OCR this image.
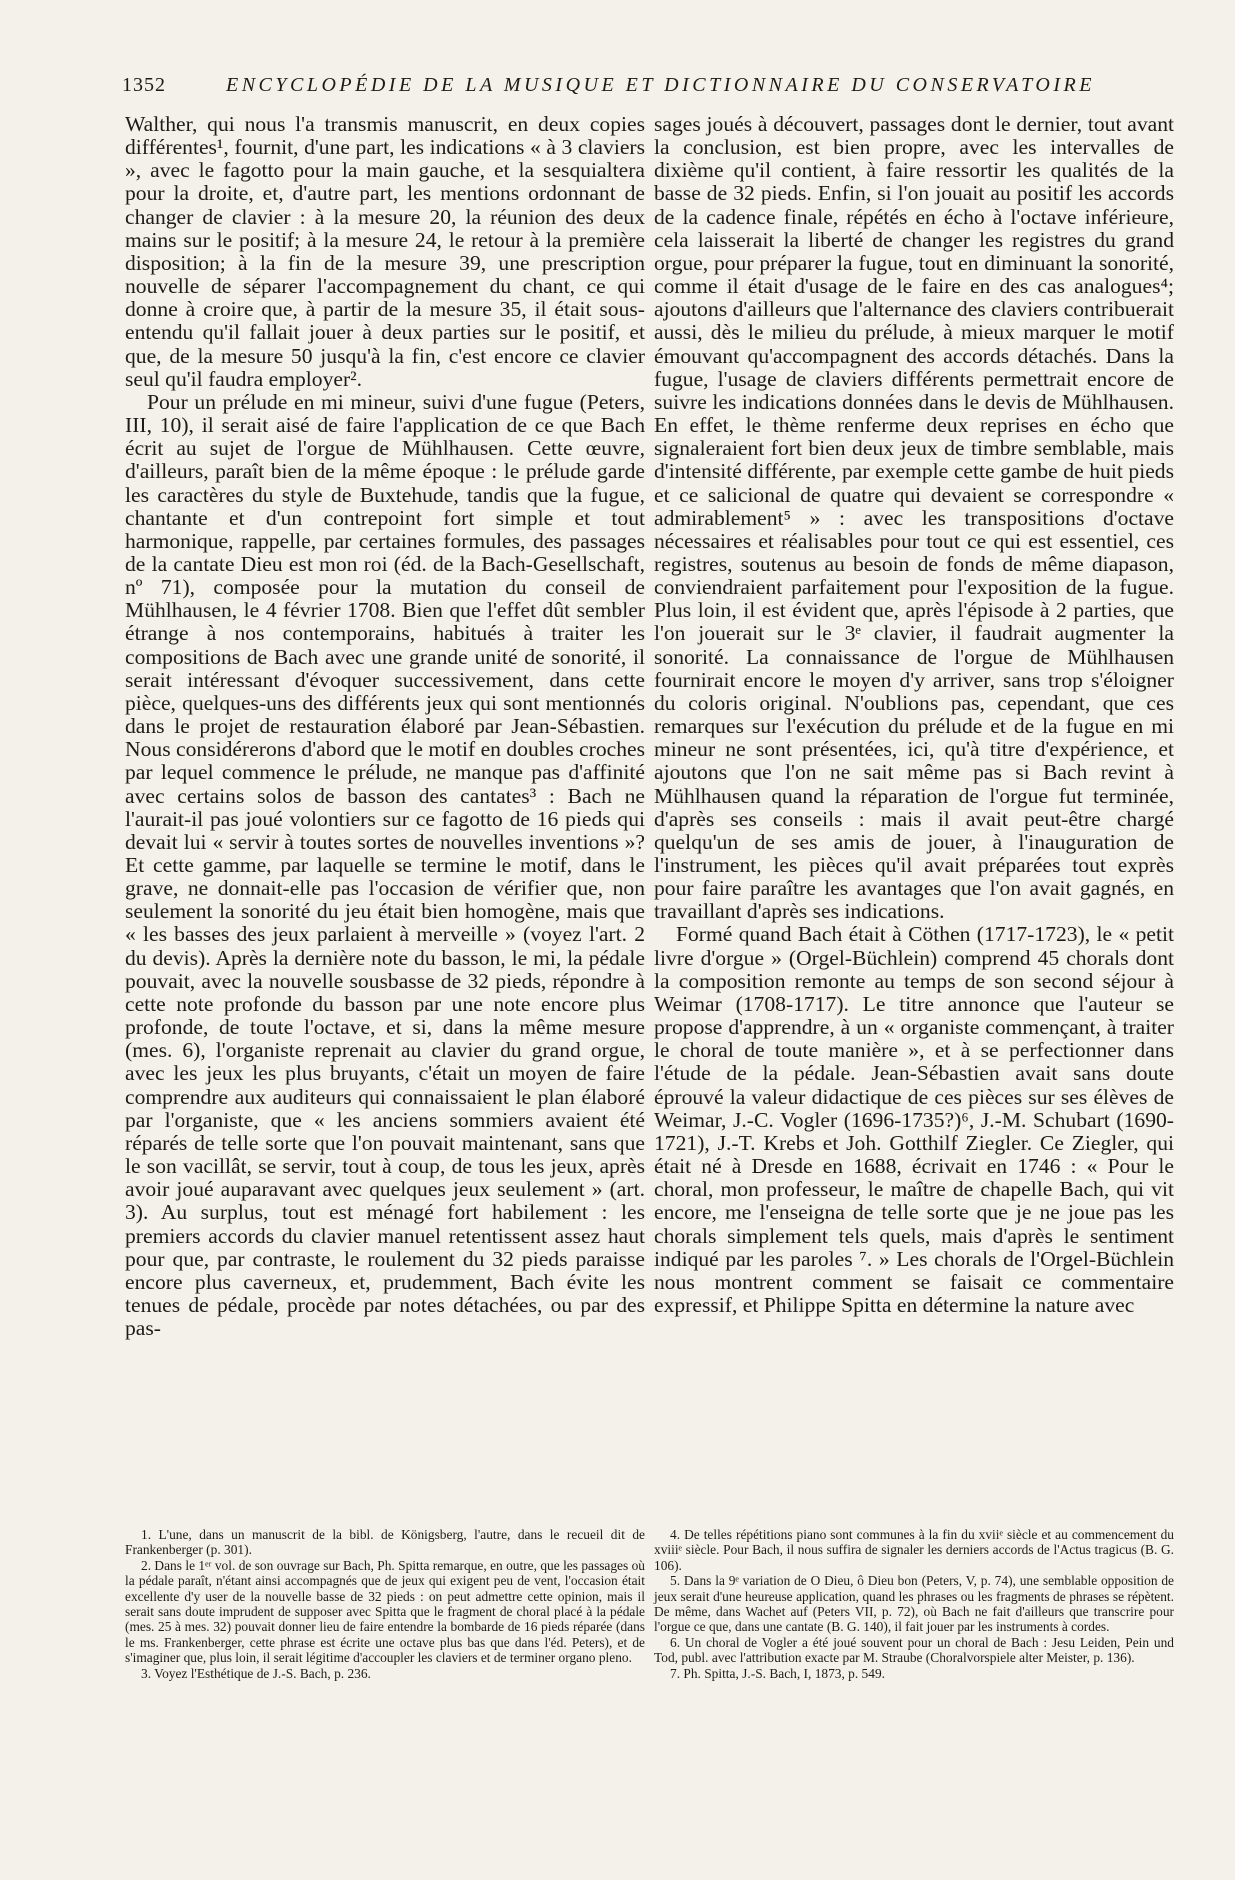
1352	ENCYCLOPÉDIE DE LA MUSIQUE ET DICTIONNAIRE DU CONSERVATOIRE

Walther, qui nous l'a transmis manuscrit, en deux copies différentes¹, fournit, d'une part, les indications « à 3 claviers », avec le fagotto pour la main gauche, et la sesquialtera pour la droite, et, d'autre part, les mentions ordonnant de changer de clavier : à la mesure 20, la réunion des deux mains sur le positif; à la mesure 24, le retour à la première disposition; à la fin de la mesure 39, une prescription nouvelle de séparer l'accompagnement du chant, ce qui donne à croire que, à partir de la mesure 35, il était sous-entendu qu'il fallait jouer à deux parties sur le positif, et que, de la mesure 50 jusqu'à la fin, c'est encore ce clavier seul qu'il faudra employer².

Pour un prélude en mi mineur, suivi d'une fugue (Peters, III, 10), il serait aisé de faire l'application de ce que Bach écrit au sujet de l'orgue de Mühlhausen. Cette œuvre, d'ailleurs, paraît bien de la même époque : le prélude garde les caractères du style de Buxtehude, tandis que la fugue, chantante et d'un contrepoint fort simple et tout harmonique, rappelle, par certaines formules, des passages de la cantate Dieu est mon roi (éd. de la Bach-Gesellschaft, nº 71), composée pour la mutation du conseil de Mühlhausen, le 4 février 1708. Bien que l'effet dût sembler étrange à nos contemporains, habitués à traiter les compositions de Bach avec une grande unité de sonorité, il serait intéressant d'évoquer successivement, dans cette pièce, quelques-uns des différents jeux qui sont mentionnés dans le projet de restauration élaboré par Jean-Sébastien. Nous considérerons d'abord que le motif en doubles croches par lequel commence le prélude, ne manque pas d'affinité avec certains solos de basson des cantates³ : Bach ne l'aurait-il pas joué volontiers sur ce fagotto de 16 pieds qui devait lui « servir à toutes sortes de nouvelles inventions »? Et cette gamme, par laquelle se termine le motif, dans le grave, ne donnait-elle pas l'occasion de vérifier que, non seulement la sonorité du jeu était bien homogène, mais que « les basses des jeux parlaient à merveille » (voyez l'art. 2 du devis). Après la dernière note du basson, le mi, la pédale pouvait, avec la nouvelle sousbasse de 32 pieds, répondre à cette note profonde du basson par une note encore plus profonde, de toute l'octave, et si, dans la même mesure (mes. 6), l'organiste reprenait au clavier du grand orgue, avec les jeux les plus bruyants, c'était un moyen de faire comprendre aux auditeurs qui connaissaient le plan élaboré par l'organiste, que « les anciens sommiers avaient été réparés de telle sorte que l'on pouvait maintenant, sans que le son vacillât, se servir, tout à coup, de tous les jeux, après avoir joué auparavant avec quelques jeux seulement » (art. 3). Au surplus, tout est ménagé fort habilement : les premiers accords du clavier manuel retentissent assez haut pour que, par contraste, le roulement du 32 pieds paraisse encore plus caverneux, et, prudemment, Bach évite les tenues de pédale, procède par notes détachées, ou par des pas-

sages joués à découvert, passages dont le dernier, tout avant la conclusion, est bien propre, avec les intervalles de dixième qu'il contient, à faire ressortir les qualités de la basse de 32 pieds. Enfin, si l'on jouait au positif les accords de la cadence finale, répétés en écho à l'octave inférieure, cela laisserait la liberté de changer les registres du grand orgue, pour préparer la fugue, tout en diminuant la sonorité, comme il était d'usage de le faire en des cas analogues⁴; ajoutons d'ailleurs que l'alternance des claviers contribuerait aussi, dès le milieu du prélude, à mieux marquer le motif émouvant qu'accompagnent des accords détachés. Dans la fugue, l'usage de claviers différents permettrait encore de suivre les indications données dans le devis de Mühlhausen. En effet, le thème renferme deux reprises en écho que signaleraient fort bien deux jeux de timbre semblable, mais d'intensité différente, par exemple cette gambe de huit pieds et ce salicional de quatre qui devaient se correspondre « admirablement⁵ » : avec les transpositions d'octave nécessaires et réalisables pour tout ce qui est essentiel, ces registres, soutenus au besoin de fonds de même diapason, conviendraient parfaitement pour l'exposition de la fugue. Plus loin, il est évident que, après l'épisode à 2 parties, que l'on jouerait sur le 3ᵉ clavier, il faudrait augmenter la sonorité. La connaissance de l'orgue de Mühlhausen fournirait encore le moyen d'y arriver, sans trop s'éloigner du coloris original. N'oublions pas, cependant, que ces remarques sur l'exécution du prélude et de la fugue en mi mineur ne sont présentées, ici, qu'à titre d'expérience, et ajoutons que l'on ne sait même pas si Bach revint à Mühlhausen quand la réparation de l'orgue fut terminée, d'après ses conseils : mais il avait peut-être chargé quelqu'un de ses amis de jouer, à l'inauguration de l'instrument, les pièces qu'il avait préparées tout exprès pour faire paraître les avantages que l'on avait gagnés, en travaillant d'après ses indications.

Formé quand Bach était à Cöthen (1717-1723), le « petit livre d'orgue » (Orgel-Büchlein) comprend 45 chorals dont la composition remonte au temps de son second séjour à Weimar (1708-1717). Le titre annonce que l'auteur se propose d'apprendre, à un « organiste commençant, à traiter le choral de toute manière », et à se perfectionner dans l'étude de la pédale. Jean-Sébastien avait sans doute éprouvé la valeur didactique de ces pièces sur ses élèves de Weimar, J.-C. Vogler (1696-1735?)⁶, J.-M. Schubart (1690-1721), J.-T. Krebs et Joh. Gotthilf Ziegler. Ce Ziegler, qui était né à Dresde en 1688, écrivait en 1746 : « Pour le choral, mon professeur, le maître de chapelle Bach, qui vit encore, me l'enseigna de telle sorte que je ne joue pas les chorals simplement tels quels, mais d'après le sentiment indiqué par les paroles ⁷. » Les chorals de l'Orgel-Büchlein nous montrent comment se faisait ce commentaire expressif, et Philippe Spitta en détermine la nature avec

1. L'une, dans un manuscrit de la bibl. de Königsberg, l'autre, dans le recueil dit de Frankenberger (p. 301).

2. Dans le 1ᵉʳ vol. de son ouvrage sur Bach, Ph. Spitta remarque, en outre, que les passages où la pédale paraît, n'étant ainsi accompagnés que de jeux qui exigent peu de vent, l'occasion était excellente d'y user de la nouvelle basse de 32 pieds : on peut admettre cette opinion, mais il serait sans doute imprudent de supposer avec Spitta que le fragment de choral placé à la pédale (mes. 25 à mes. 32) pouvait donner lieu de faire entendre la bombarde de 16 pieds réparée (dans le ms. Frankenberger, cette phrase est écrite une octave plus bas que dans l'éd. Peters), et de s'imaginer que, plus loin, il serait légitime d'accoupler les claviers et de terminer organo pleno.

3. Voyez l'Esthétique de J.-S. Bach, p. 236.

4. De telles répétitions piano sont communes à la fin du xviiᵉ siècle et au commencement du xviiiᵉ siècle. Pour Bach, il nous suffira de signaler les derniers accords de l'Actus tragicus (B. G. 106).

5. Dans la 9ᵉ variation de O Dieu, ô Dieu bon (Peters, V, p. 74), une semblable opposition de jeux serait d'une heureuse application, quand les phrases ou les fragments de phrases se répètent. De même, dans Wachet auf (Peters VII, p. 72), où Bach ne fait d'ailleurs que transcrire pour l'orgue ce que, dans une cantate (B. G. 140), il fait jouer par les instruments à cordes.

6. Un choral de Vogler a été joué souvent pour un choral de Bach : Jesu Leiden, Pein und Tod, publ. avec l'attribution exacte par M. Straube (Choralvorspiele alter Meister, p. 136).

7. Ph. Spitta, J.-S. Bach, I, 1873, p. 549.
